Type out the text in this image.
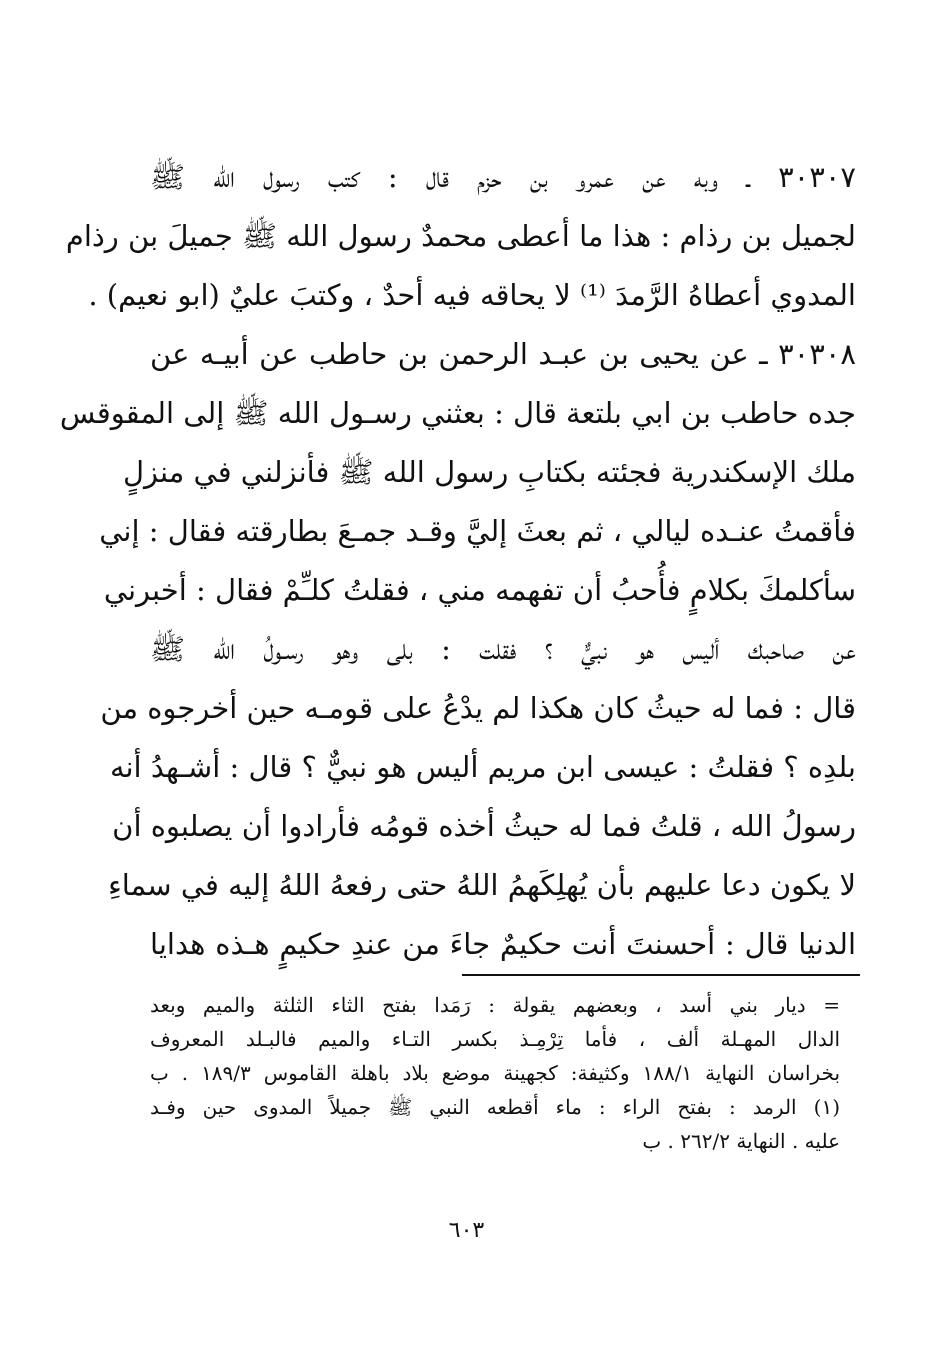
٣٠٣٠٧ ـ وبه عن عمرو بن حزم قال : كتب رسول الله ﷺ
لجميل بن رذام : هذا ما أعطى محمدٌ رسول الله ﷺ جميلَ بن رذام
المدوي أعطاهُ الرَّمدَ ⁽¹⁾ لا يحاقه فيه أحدٌ ، وكتبَ عليٌ (ابو نعيم) .
٣٠٣٠٨ ـ عن يحيى بن عبـد الرحمن بن حاطب عن أبيـه عن
جده حاطب بن ابي بلتعة قال : بعثني رسـول الله ﷺ إلى المقوقس
ملك الإسكندرية فجئته بكتابِ رسول الله ﷺ فأنزلني في منزلٍ
فأقمتُ عنـده ليالي ، ثم بعثَ إليَّ وقـد جمـعَ بطارقته فقال : إني
سأكلمكَ بكلامٍ فأُحبُ أن تفهمه مني ، فقلتُ كلـِّمْ فقال : أخبرني
عن صاحبك أليس هو نبيٌّ ؟ فقلت : بلى وهو رسـولُ الله ﷺ
قال : فما له حيثُ كان هكذا لم يدْعُ على قومـه حين أخرجوه من
بلدِه ؟ فقلتُ : عيسى ابن مريم أليس هو نبيٌّ ؟ قال : أشـهدُ أنه
رسولُ الله ، قلتُ فما له حيثُ أخذه قومُه فأرادوا أن يصلبوه أن
لا يكون دعا عليهم بأن يُهلِكَهمُ اللهُ حتى رفعهُ اللهُ إليه في سماءِ
الدنيا قال : أحسنتَ أنت حكيمٌ جاءَ من عندِ حكيمٍ هـذه هدايا
= ديار بني أسد ، وبعضهم يقولة : رَمَدا بفتح الثاء الثلثة والميم وبعد
الدال المهـلة ألف ، فأما تِرْمِـذ بكسر التـاء والميم فالبـلد المعروف
بخراسان النهاية ١٨٨/١ وكثيفة: كجهينة موضع بلاد باهلة القاموس ١٨٩/٣ . ب
(١) الرمد : بفتح الراء : ماء أقطعه النبي ﷺ جميلاً المدوى حين وفـد
عليه . النهاية ٢٦٢/٢ . ب
٦٠٣
